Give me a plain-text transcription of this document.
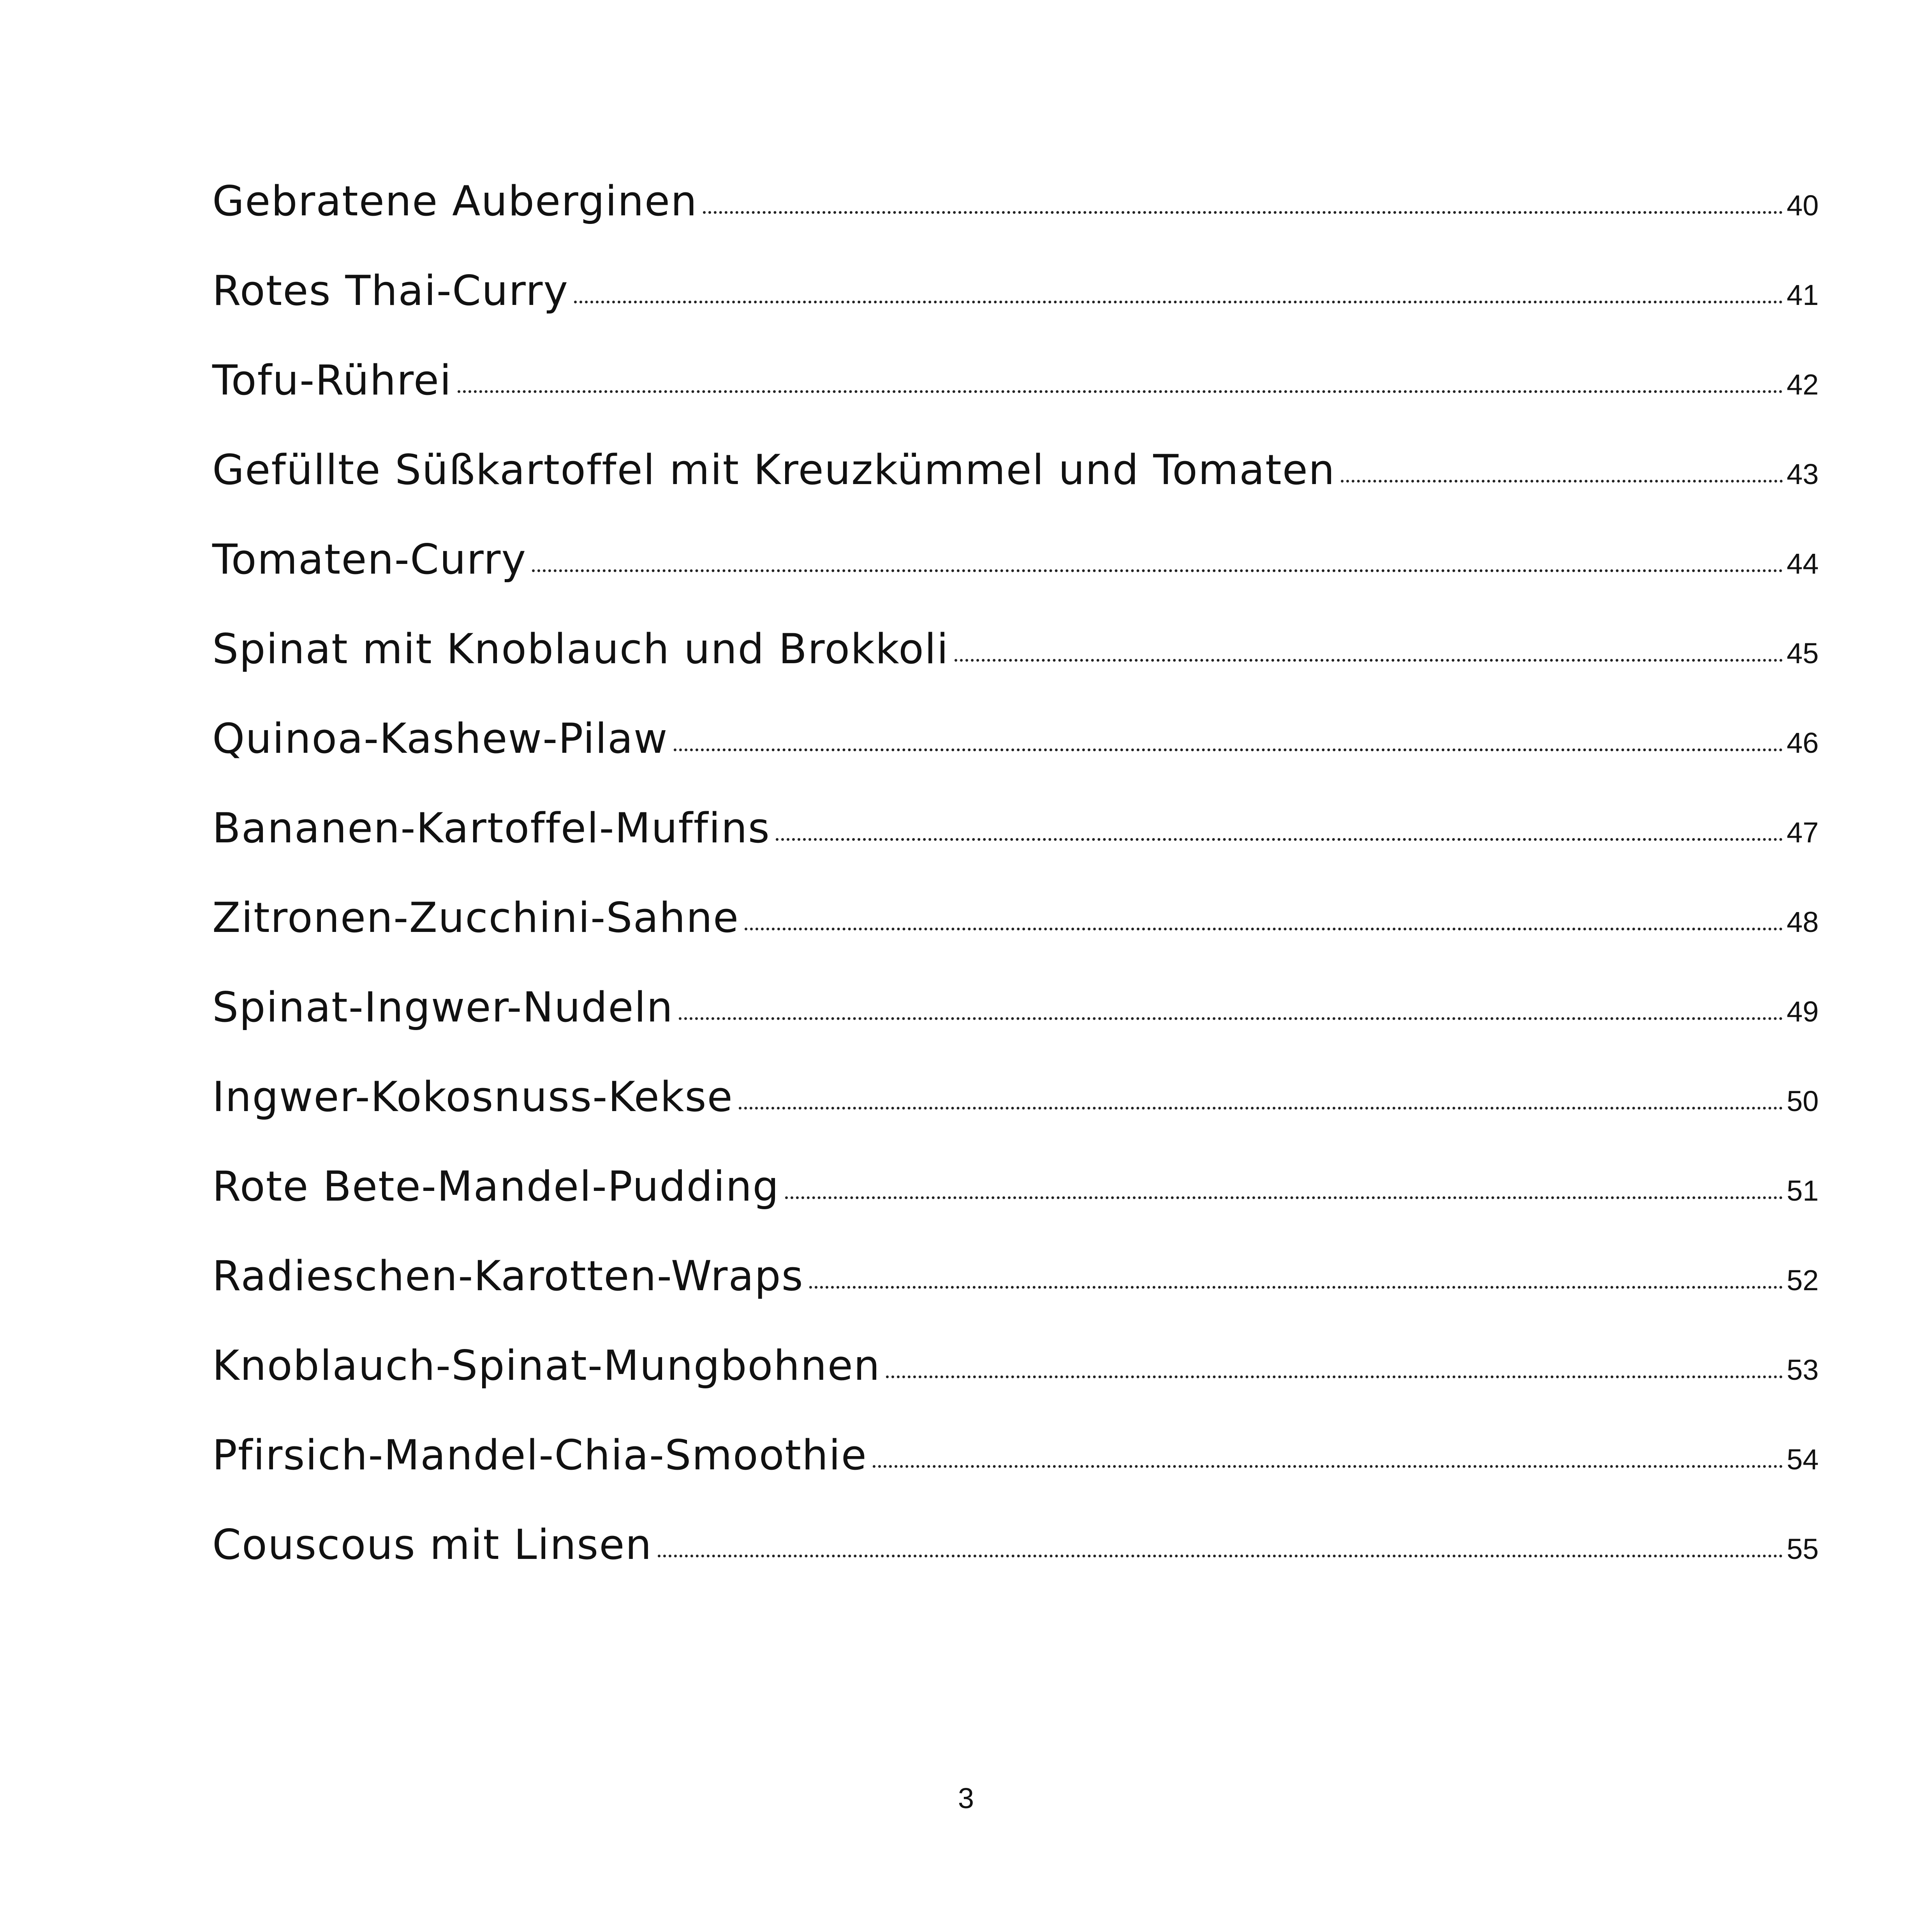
Gebratene Auberginen	40
Rotes Thai-Curry	41
Tofu-Rührei	42
Gefüllte Süßkartoffel mit Kreuzkümmel und Tomaten	43
Tomaten-Curry	44
Spinat mit Knoblauch und Brokkoli	45
Quinoa-Kashew-Pilaw	46
Bananen-Kartoffel-Muffins	47
Zitronen-Zucchini-Sahne	48
Spinat-Ingwer-Nudeln	49
Ingwer-Kokosnuss-Kekse	50
Rote Bete-Mandel-Pudding	51
Radieschen-Karotten-Wraps	52
Knoblauch-Spinat-Mungbohnen	53
Pfirsich-Mandel-Chia-Smoothie	54
Couscous mit Linsen	55
3
